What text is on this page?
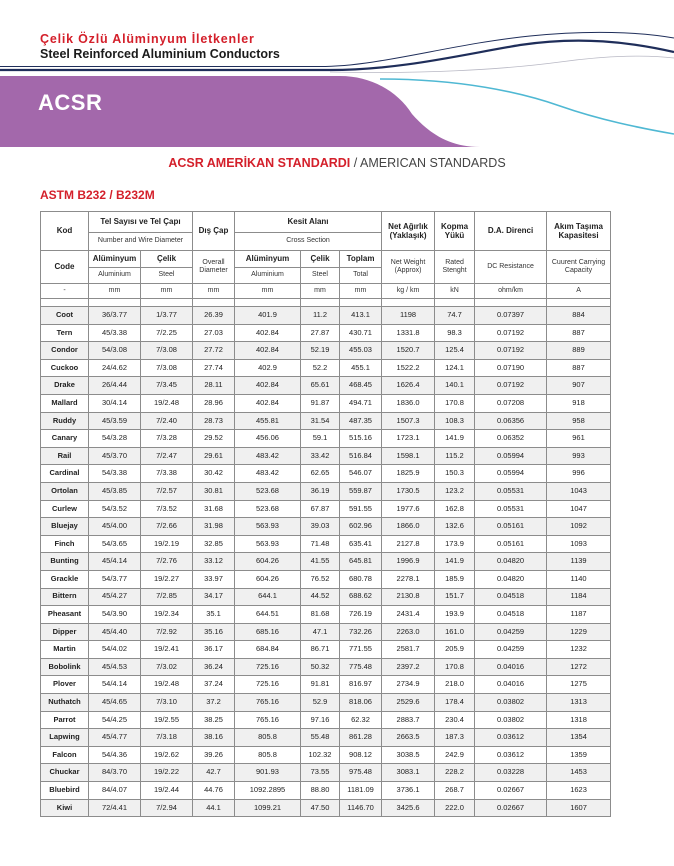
Çelik Özlü Alüminyum İletkenler
Steel Reinforced Aluminium Conductors
ACSR
ACSR AMERİKAN STANDARDI / AMERICAN STANDARDS
ASTM B232 / B232M
Kod	Tel Sayısı ve Tel Çapı		Dış Çap	Kesit Alanı			Net Ağırlık (Yaklaşık)	Kopma Yükü	D.A. Direnci	Akım Taşıma Kapasitesi
	Number and Wire Diameter			Cross Section						
Code	Alüminyum	Çelik	Overall Diameter	Alüminyum	Çelik	Toplam	Net Weight (Approx)	Rated Stenght	DC Resistance	Cuurent Carrying Capacity
	Aluminium	Steel		Aluminium	Steel	Total				
-	mm	mm	mm	mm	mm	mm	kg / km	kN	ohm/km	A

Coot	36/3.77	1/3.77	26.39	401.9	11.2	413.1	1198	74.7	0.07397	884
Tern	45/3.38	7/2.25	27.03	402.84	27.87	430.71	1331.8	98.3	0.07192	887
Condor	54/3.08	7/3.08	27.72	402.84	52.19	455.03	1520.7	125.4	0.07192	889
Cuckoo	24/4.62	7/3.08	27.74	402.9	52.2	455.1	1522.2	124.1	0.07190	887
Drake	26/4.44	7/3.45	28.11	402.84	65.61	468.45	1626.4	140.1	0.07192	907
Mallard	30/4.14	19/2.48	28.96	402.84	91.87	494.71	1836.0	170.8	0.07208	918
Ruddy	45/3.59	7/2.40	28.73	455.81	31.54	487.35	1507.3	108.3	0.06356	958
Canary	54/3.28	7/3.28	29.52	456.06	59.1	515.16	1723.1	141.9	0.06352	961
Rail	45/3.70	7/2.47	29.61	483.42	33.42	516.84	1598.1	115.2	0.05994	993
Cardinal	54/3.38	7/3.38	30.42	483.42	62.65	546.07	1825.9	150.3	0.05994	996
Ortolan	45/3.85	7/2.57	30.81	523.68	36.19	559.87	1730.5	123.2	0.05531	1043
Curlew	54/3.52	7/3.52	31.68	523.68	67.87	591.55	1977.6	162.8	0.05531	1047
Bluejay	45/4.00	7/2.66	31.98	563.93	39.03	602.96	1866.0	132.6	0.05161	1092
Finch	54/3.65	19/2.19	32.85	563.93	71.48	635.41	2127.8	173.9	0.05161	1093
Bunting	45/4.14	7/2.76	33.12	604.26	41.55	645.81	1996.9	141.9	0.04820	1139
Grackle	54/3.77	19/2.27	33.97	604.26	76.52	680.78	2278.1	185.9	0.04820	1140
Bittern	45/4.27	7/2.85	34.17	644.1	44.52	688.62	2130.8	151.7	0.04518	1184
Pheasant	54/3.90	19/2.34	35.1	644.51	81.68	726.19	2431.4	193.9	0.04518	1187
Dipper	45/4.40	7/2.92	35.16	685.16	47.1	732.26	2263.0	161.0	0.04259	1229
Martin	54/4.02	19/2.41	36.17	684.84	86.71	771.55	2581.7	205.9	0.04259	1232
Bobolink	45/4.53	7/3.02	36.24	725.16	50.32	775.48	2397.2	170.8	0.04016	1272
Plover	54/4.14	19/2.48	37.24	725.16	91.81	816.97	2734.9	218.0	0.04016	1275
Nuthatch	45/4.65	7/3.10	37.2	765.16	52.9	818.06	2529.6	178.4	0.03802	1313
Parrot	54/4.25	19/2.55	38.25	765.16	97.16	62.32	2883.7	230.4	0.03802	1318
Lapwing	45/4.77	7/3.18	38.16	805.8	55.48	861.28	2663.5	187.3	0.03612	1354
Falcon	54/4.36	19/2.62	39.26	805.8	102.32	908.12	3038.5	242.9	0.03612	1359
Chuckar	84/3.70	19/2.22	42.7	901.93	73.55	975.48	3083.1	228.2	0.03228	1453
Bluebird	84/4.07	19/2.44	44.76	1092.2895	88.80	1181.09	3736.1	268.7	0.02667	1623
Kiwi	72/4.41	7/2.94	44.1	1099.21	47.50	1146.70	3425.6	222.0	0.02667	1607
